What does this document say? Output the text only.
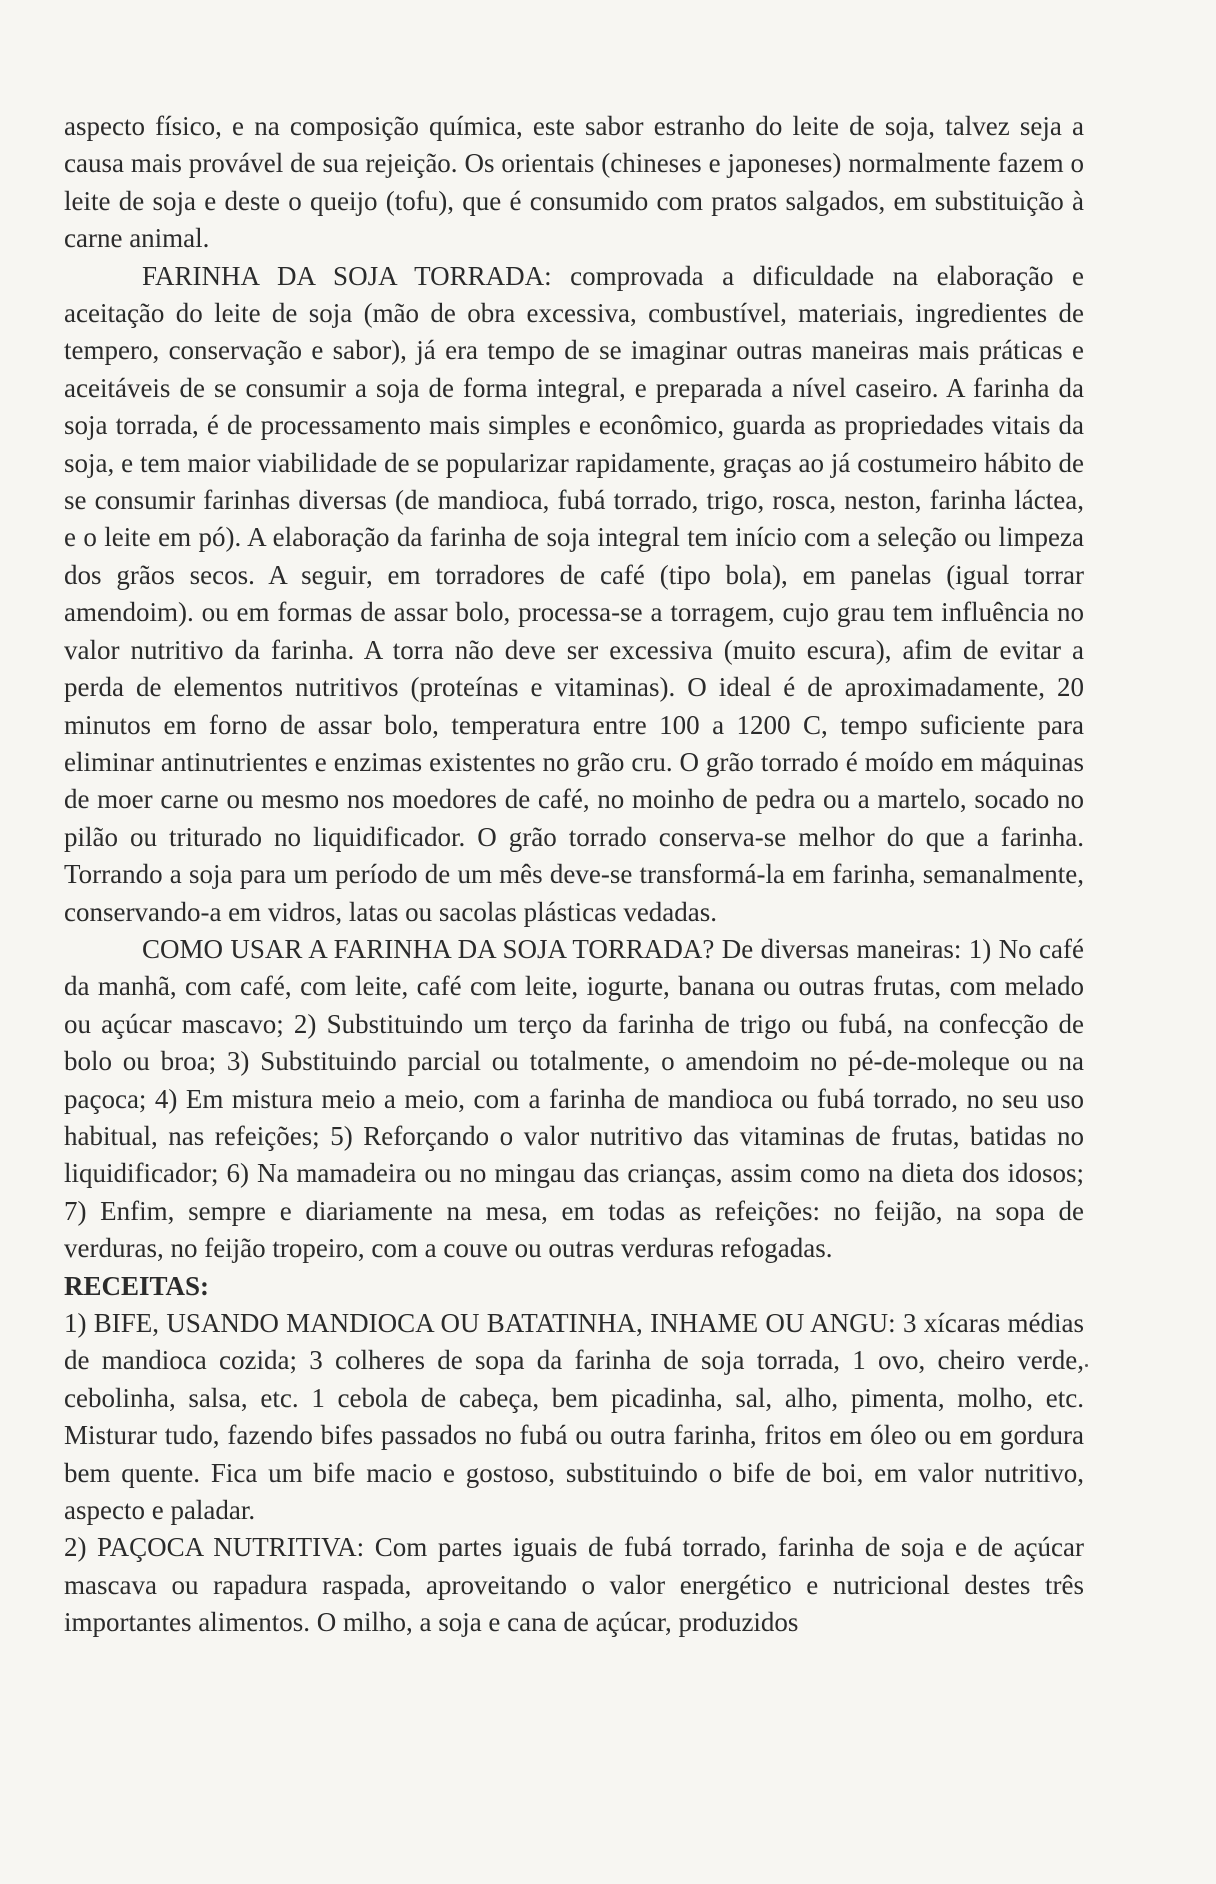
aspecto físico, e na composição química, este sabor estranho do leite de soja, talvez seja a causa mais provável de sua rejeição. Os orientais (chineses e japoneses) normalmente fazem o leite de soja e deste o queijo (tofu), que é consumido com pratos salgados, em substituição à carne animal.

FARINHA DA SOJA TORRADA: comprovada a dificuldade na elaboração e aceitação do leite de soja (mão de obra excessiva, combustível, materiais, ingredientes de tempero, conservação e sabor), já era tempo de se imaginar outras maneiras mais práticas e aceitáveis de se consumir a soja de forma integral, e preparada a nível caseiro. A farinha da soja torrada, é de processamento mais simples e econômico, guarda as propriedades vitais da soja, e tem maior viabilidade de se popularizar rapidamente, graças ao já costumeiro hábito de se consumir farinhas diversas (de mandioca, fubá torrado, trigo, rosca, neston, farinha láctea, e o leite em pó). A elaboração da farinha de soja integral tem início com a seleção ou limpeza dos grãos secos. A seguir, em torradores de café (tipo bola), em panelas (igual torrar amendoim). ou em formas de assar bolo, processa-se a torragem, cujo grau tem influência no valor nutritivo da farinha. A torra não deve ser excessiva (muito escura), afim de evitar a perda de elementos nutritivos (proteínas e vitaminas). O ideal é de aproximadamente, 20 minutos em forno de assar bolo, temperatura entre 100 a 1200 C, tempo suficiente para eliminar antinutrientes e enzimas existentes no grão cru. O grão torrado é moído em máquinas de moer carne ou mesmo nos moedores de café, no moinho de pedra ou a martelo, socado no pilão ou triturado no liquidificador. O grão torrado conserva-se melhor do que a farinha. Torrando a soja para um período de um mês deve-se transformá-la em farinha, semanalmente, conservando-a em vidros, latas ou sacolas plásticas vedadas.

COMO USAR A FARINHA DA SOJA TORRADA? De diversas maneiras: 1) No café da manhã, com café, com leite, café com leite, iogurte, banana ou outras frutas, com melado ou açúcar mascavo; 2) Substituindo um terço da farinha de trigo ou fubá, na confecção de bolo ou broa; 3) Substituindo parcial ou totalmente, o amendoim no pé-de-moleque ou na paçoca; 4) Em mistura meio a meio, com a farinha de mandioca ou fubá torrado, no seu uso habitual, nas refeições; 5) Reforçando o valor nutritivo das vitaminas de frutas, batidas no liquidificador; 6) Na mamadeira ou no mingau das crianças, assim como na dieta dos idosos; 7) Enfim, sempre e diariamente na mesa, em todas as refeições: no feijão, na sopa de verduras, no feijão tropeiro, com a couve ou outras verduras refogadas.

RECEITAS:

1) BIFE, USANDO MANDIOCA OU BATATINHA, INHAME OU ANGU: 3 xícaras médias de mandioca cozida; 3 colheres de sopa da farinha de soja torrada, 1 ovo, cheiro verde, cebolinha, salsa, etc. 1 cebola de cabeça, bem picadinha, sal, alho, pimenta, molho, etc. Misturar tudo, fazendo bifes passados no fubá ou outra farinha, fritos em óleo ou em gordura bem quente. Fica um bife macio e gostoso, substituindo o bife de boi, em valor nutritivo, aspecto e paladar.

2) PAÇOCA NUTRITIVA: Com partes iguais de fubá torrado, farinha de soja e de açúcar mascava ou rapadura raspada, aproveitando o valor energético e nutricional destes três importantes alimentos. O milho, a soja e cana de açúcar, produzidos
